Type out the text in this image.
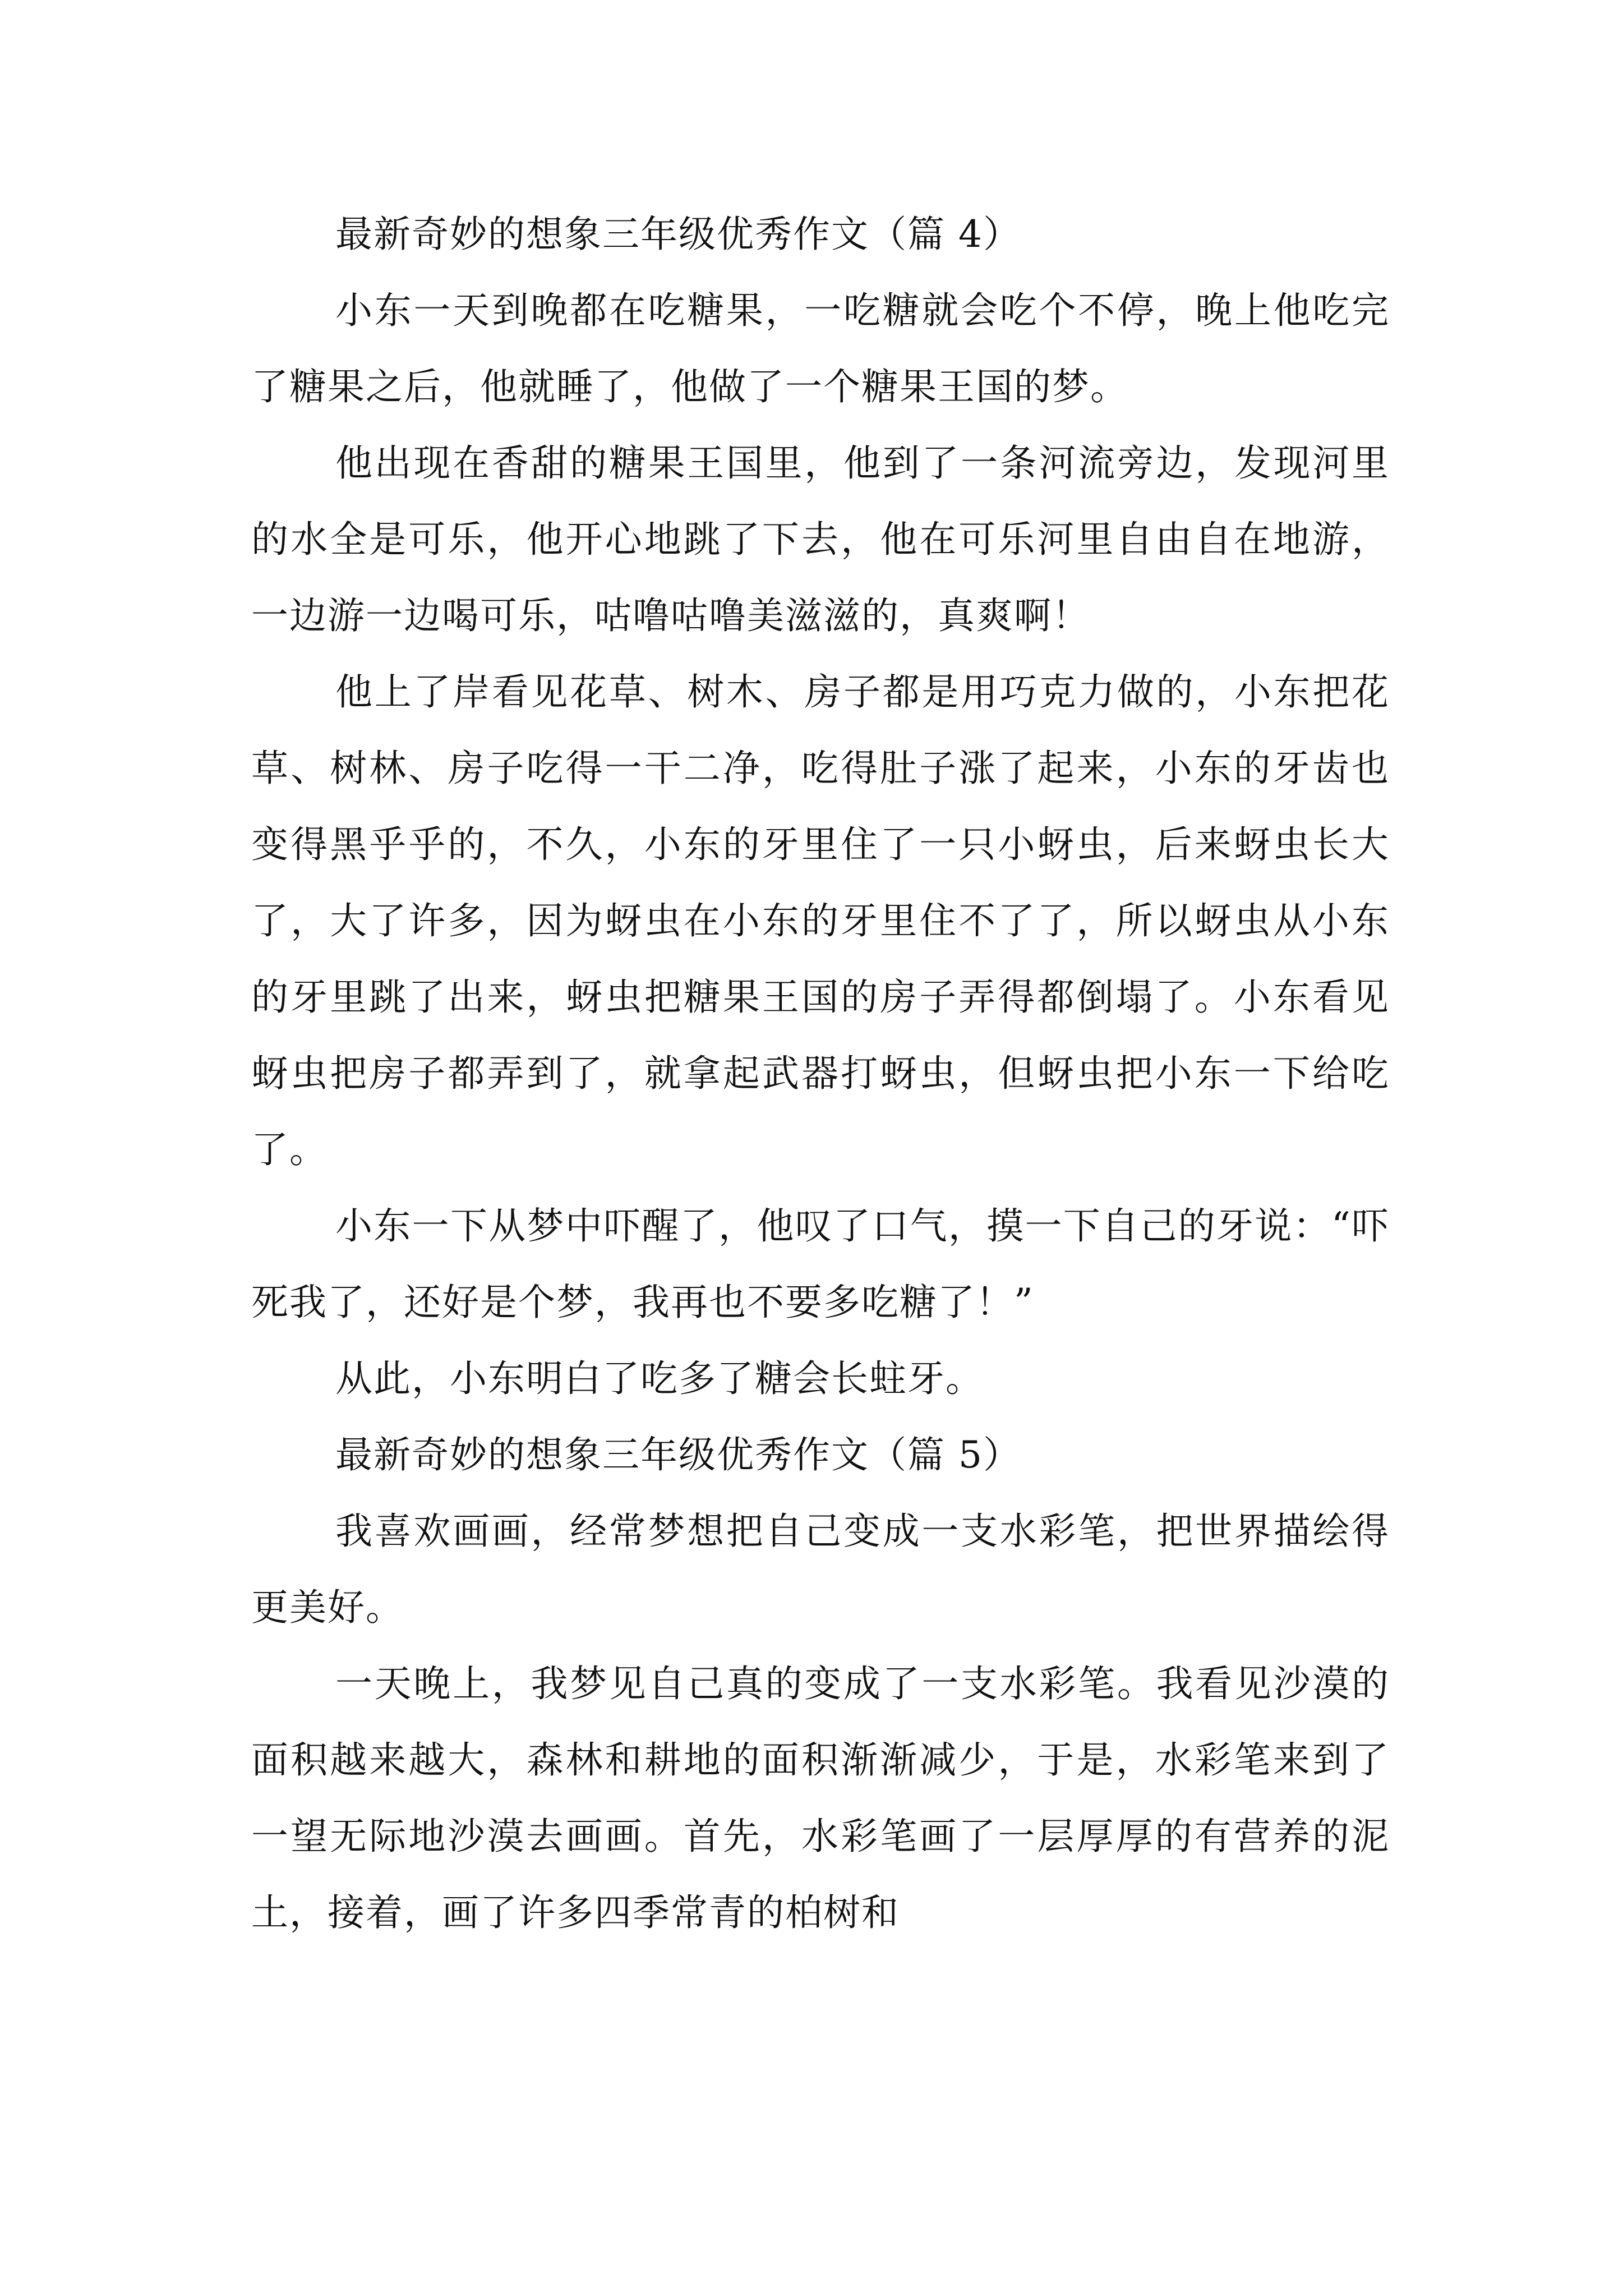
最新奇妙的想象三年级优秀作文（篇 4）

小东一天到晚都在吃糖果，一吃糖就会吃个不停，晚上他吃完了糖果之后，他就睡了，他做了一个糖果王国的梦。

他出现在香甜的糖果王国里，他到了一条河流旁边，发现河里的水全是可乐，他开心地跳了下去，他在可乐河里自由自在地游，一边游一边喝可乐，咕噜咕噜美滋滋的，真爽啊！

他上了岸看见花草、树木、房子都是用巧克力做的，小东把花草、树林、房子吃得一干二净，吃得肚子涨了起来，小东的牙齿也变得黑乎乎的，不久，小东的牙里住了一只小蚜虫，后来蚜虫长大了，大了许多，因为蚜虫在小东的牙里住不了了，所以蚜虫从小东的牙里跳了出来，蚜虫把糖果王国的房子弄得都倒塌了。小东看见蚜虫把房子都弄到了，就拿起武器打蚜虫，但蚜虫把小东一下给吃了。

小东一下从梦中吓醒了，他叹了口气，摸一下自己的牙说：“吓死我了，还好是个梦，我再也不要多吃糖了！”

从此，小东明白了吃多了糖会长蛀牙。

最新奇妙的想象三年级优秀作文（篇 5）

我喜欢画画，经常梦想把自己变成一支水彩笔，把世界描绘得更美好。

一天晚上，我梦见自己真的变成了一支水彩笔。我看见沙漠的面积越来越大，森林和耕地的面积渐渐减少，于是，水彩笔来到了一望无际地沙漠去画画。首先，水彩笔画了一层厚厚的有营养的泥土，接着，画了许多四季常青的柏树和
